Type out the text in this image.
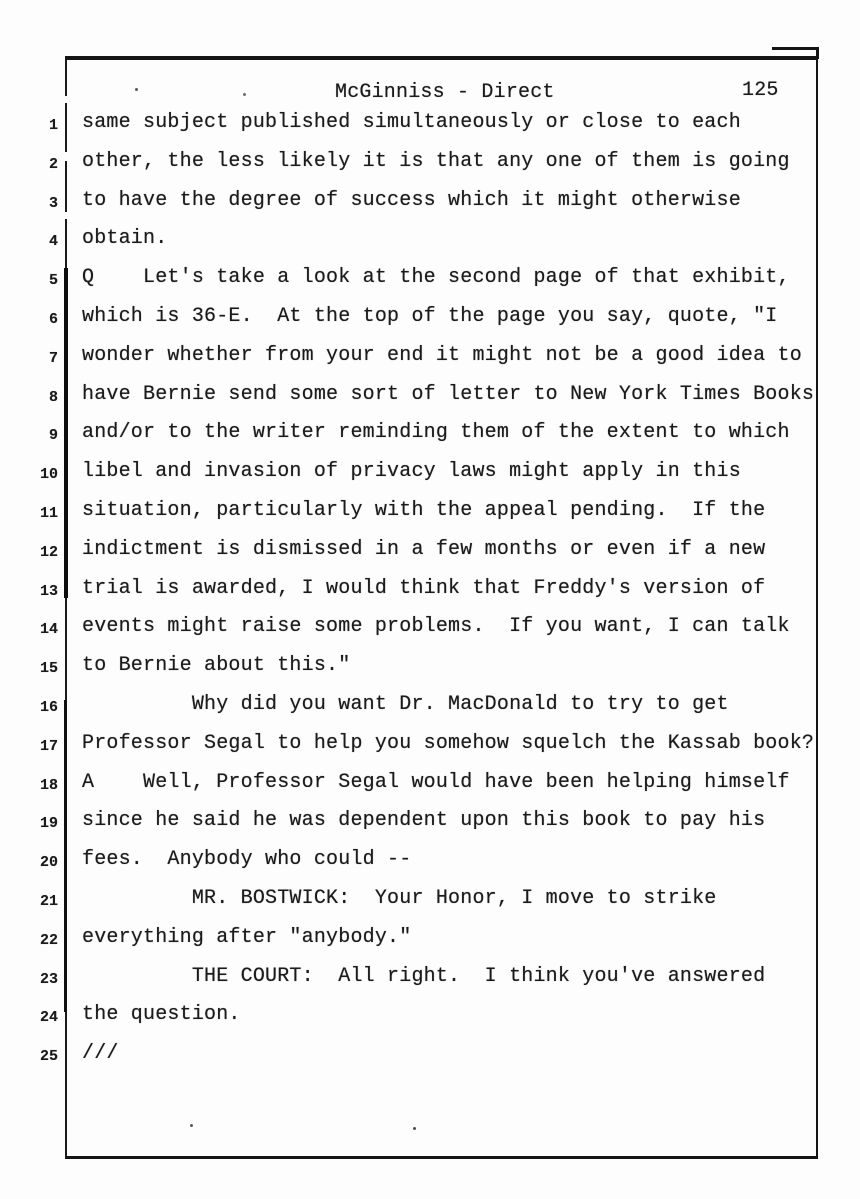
McGinniss - Direct	125
1
2
3
4
5
6
7
8
9
10
11
12
13
14
15
16
17
18
19
20
21
22
23
24
25
same subject published simultaneously or close to each
other, the less likely it is that any one of them is going
to have the degree of success which it might otherwise
obtain.
Q    Let's take a look at the second page of that exhibit,
which is 36-E.  At the top of the page you say, quote, "I
wonder whether from your end it might not be a good idea to
have Bernie send some sort of letter to New York Times Books
and/or to the writer reminding them of the extent to which
libel and invasion of privacy laws might apply in this
situation, particularly with the appeal pending.  If the
indictment is dismissed in a few months or even if a new
trial is awarded, I would think that Freddy's version of
events might raise some problems.  If you want, I can talk
to Bernie about this."
Why did you want Dr. MacDonald to try to get
Professor Segal to help you somehow squelch the Kassab book?
A    Well, Professor Segal would have been helping himself
since he said he was dependent upon this book to pay his
fees.  Anybody who could --
MR. BOSTWICK:  Your Honor, I move to strike
everything after "anybody."
THE COURT:  All right.  I think you've answered
the question.
///
